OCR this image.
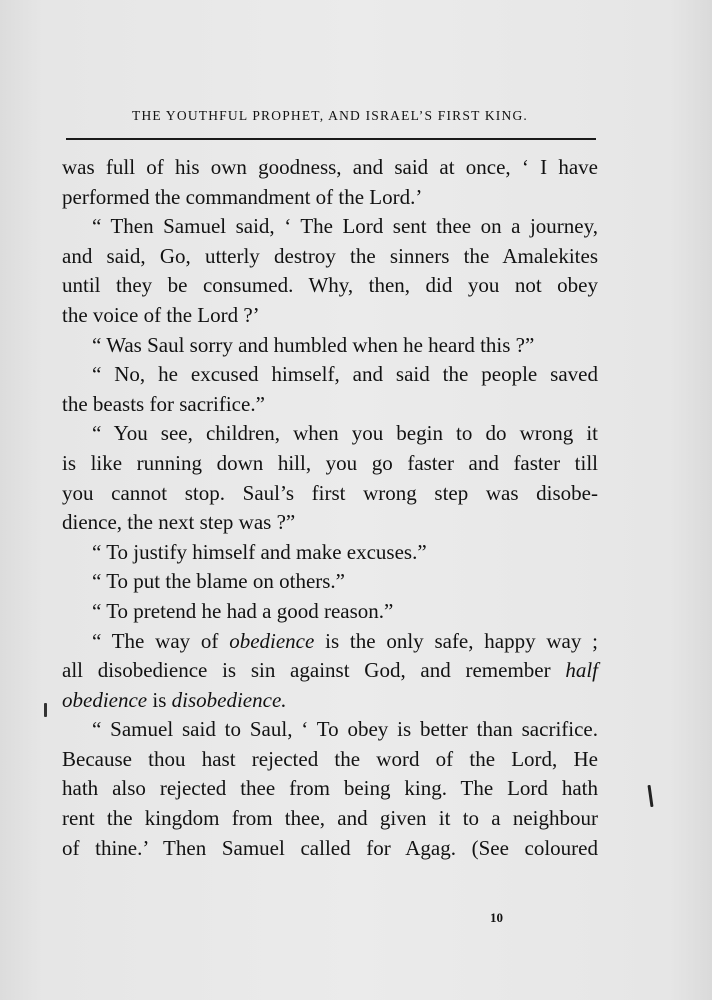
THE YOUTHFUL PROPHET, AND ISRAEL’S FIRST KING.
was full of his own goodness, and said at once, ‘ I have
performed the commandment of the Lord.’
“ Then Samuel said, ‘ The Lord sent thee on a journey,
and said, Go, utterly destroy the sinners the Amalekites
until they be consumed. Why, then, did you not obey
the voice of the Lord ?’
“ Was Saul sorry and humbled when he heard this ?”
“ No, he excused himself, and said the people saved
the beasts for sacrifice.”
“ You see, children, when you begin to do wrong it
is like running down hill, you go faster and faster till
you cannot stop. Saul’s first wrong step was disobe-
dience, the next step was ?”
“ To justify himself and make excuses.”
“ To put the blame on others.”
“ To pretend he had a good reason.”
“ The way of obedience is the only safe, happy way ;
all disobedience is sin against God, and remember half
obedience is disobedience.
“ Samuel said to Saul, ‘ To obey is better than sacrifice.
Because thou hast rejected the word of the Lord, He
hath also rejected thee from being king. The Lord hath
rent the kingdom from thee, and given it to a neighbour
of thine.’ Then Samuel called for Agag. (See coloured
10
